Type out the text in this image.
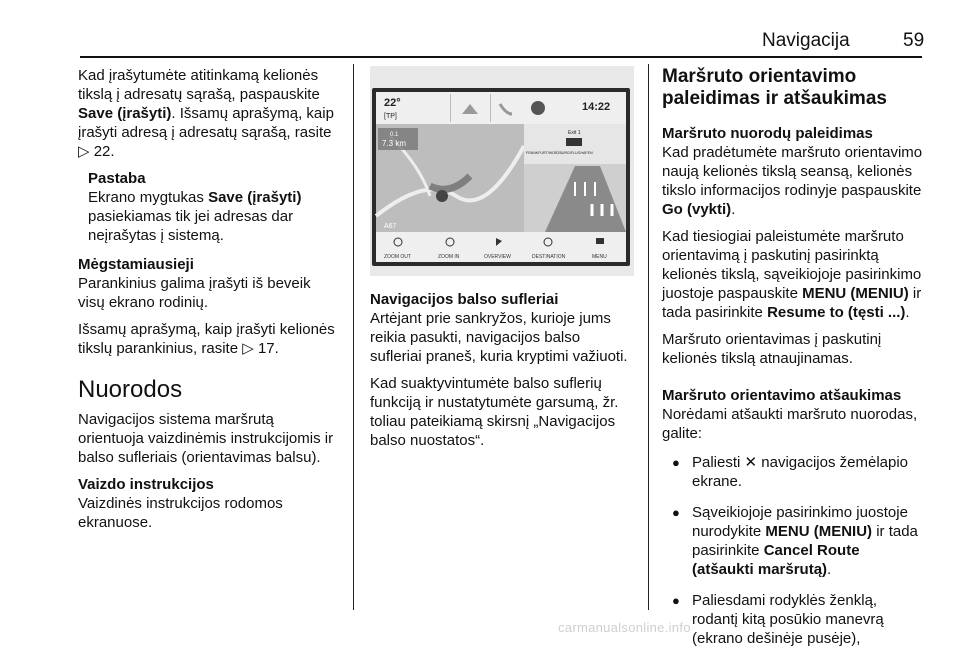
Navigacija	59

Kad įrašytumėte atitinkamą kelionės tikslą į adresatų sąrašą, paspauskite Save (įrašyti). Išsamų aprašymą, kaip įrašyti adresą į adresatų sąrašą, rasite ▷ 22.

Pastaba
Ekrano mygtukas Save (įrašyti) pasiekiamas tik jei adresas dar neįrašytas į sistemą.
Mėgstamiausieji

Parankinius galima įrašyti iš beveik visų ekrano rodinių.

Išsamų aprašymą, kaip įrašyti kelionės tikslų parankinius, rasite ▷ 17.

Nuorodos

Navigacijos sistema maršrutą orientuoja vaizdinėmis instrukcijomis ir balso sufleriais (orientavimas balsu).

Vaizdo instrukcijos

Vaizdinės instrukcijos rodomos ekranuose.

22°
[TP]
14:22
0.1
7.3 km
A67
Exit 1
FRANKFURT/WÜRZBURG/FLUGHAFEN
ZOOM OUT	ZOOM IN	OVERVIEW	DESTINATION	MENU
Navigacijos balso sufleriai

Artėjant prie sankryžos, kurioje jums reikia pasukti, navigacijos balso sufleriai praneš, kuria kryptimi važiuoti.

Kad suaktyvintumėte balso suflerių funkciją ir nustatytumėte garsumą, žr. toliau pateikiamą skirsnį „Navigacijos balso nuostatos“.

Maršruto orientavimo paleidimas ir atšaukimas
Maršruto nuorodų paleidimas

Kad pradėtumėte maršruto orientavimo naują kelionės tikslą seansą, kelionės tikslo informacijos rodinyje paspauskite Go (vykti).

Kad tiesiogiai paleistumėte maršruto orientavimą į paskutinį pasirinktą kelionės tikslą, sąveikiojoje pasirinkimo juostoje paspauskite MENU (MENIU) ir tada pasirinkite Resume to (tęsti ...).

Maršruto orientavimas į paskutinį kelionės tikslą atnaujinamas.

Maršruto orientavimo atšaukimas

Norėdami atšaukti maršruto nuorodas, galite:

● Paliesti ✕ navigacijos žemėlapio ekrane.
● Sąveikiojoje pasirinkimo juostoje nurodykite MENU (MENIU) ir tada pasirinkite Cancel Route (atšaukti maršrutą).
● Paliesdami rodyklės ženklą, rodantį kitą posūkio manevrą (ekrano dešinėje pusėje),
carmanualsonline.info
